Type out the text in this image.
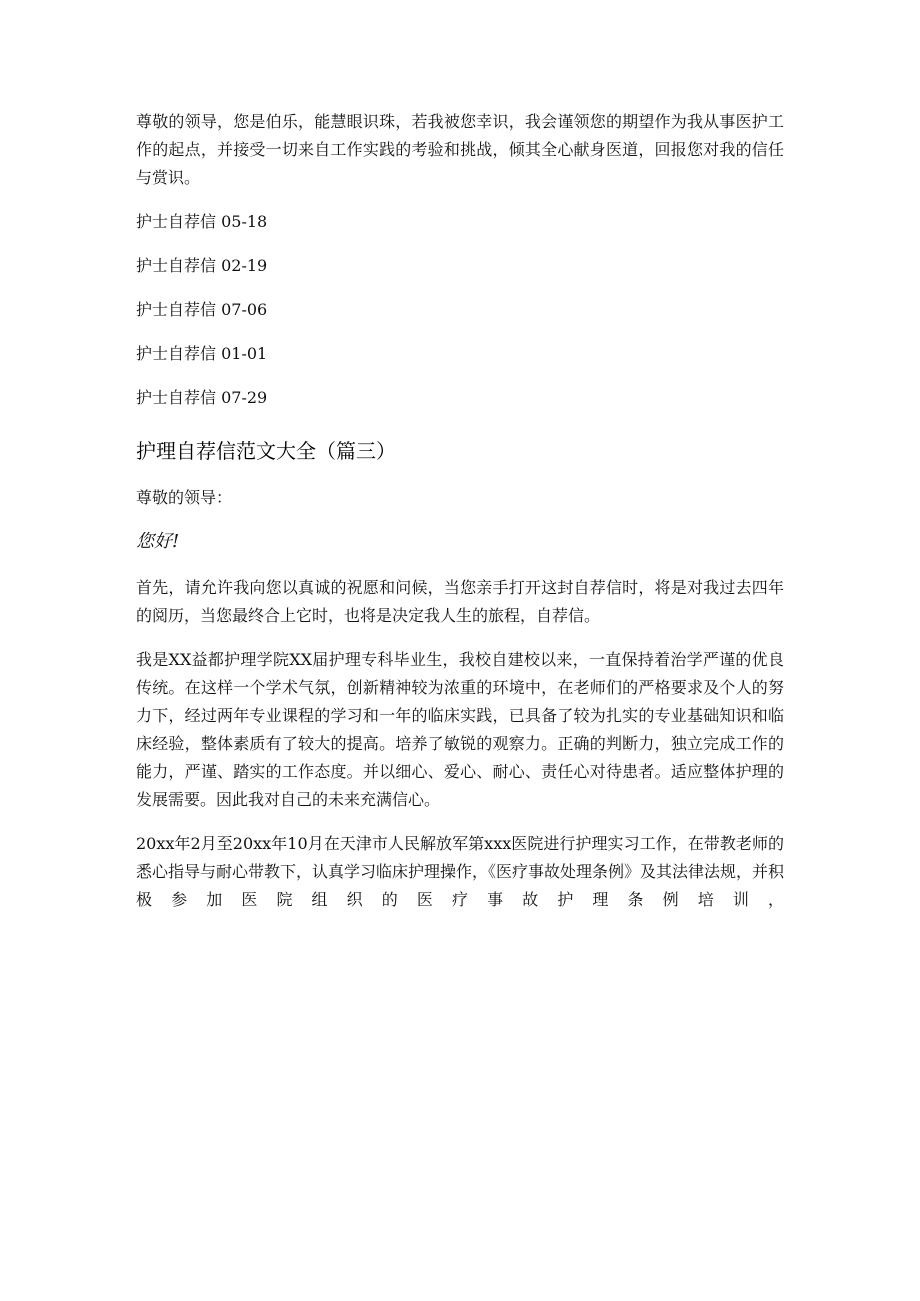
尊敬的领导，您是伯乐，能慧眼识珠，若我被您幸识，我会谨领您的期望作为我从事医护工作的起点，并接受一切来自工作实践的考验和挑战，倾其全心献身医道，回报您对我的信任与赏识。

护士自荐信 05-18
护士自荐信 02-19
护士自荐信 07-06
护士自荐信 01-01
护士自荐信 07-29
护理自荐信范文大全（篇三）

尊敬的领导：

您好!

首先，请允许我向您以真诚的祝愿和问候，当您亲手打开这封自荐信时，将是对我过去四年的阅历，当您最终合上它时，也将是决定我人生的旅程，自荐信。

我是XX益都护理学院XX届护理专科毕业生，我校自建校以来，一直保持着治学严谨的优良传统。在这样一个学术气氛，创新精神较为浓重的环境中，在老师们的严格要求及个人的努力下，经过两年专业课程的学习和一年的临床实践，已具备了较为扎实的专业基础知识和临床经验，整体素质有了较大的提高。培养了敏锐的观察力。正确的判断力，独立完成工作的能力，严谨、踏实的工作态度。并以细心、爱心、耐心、责任心对待患者。适应整体护理的发展需要。因此我对自己的未来充满信心。

20xx年2月至20xx年10月在天津市人民解放军第xxx医院进行护理实习工作，在带教老师的悉心指导与耐心带教下，认真学习临床护理操作，《医疗事故处理条例》及其法律法规，并积极参加医院组织的医疗事故护理条例培训，
